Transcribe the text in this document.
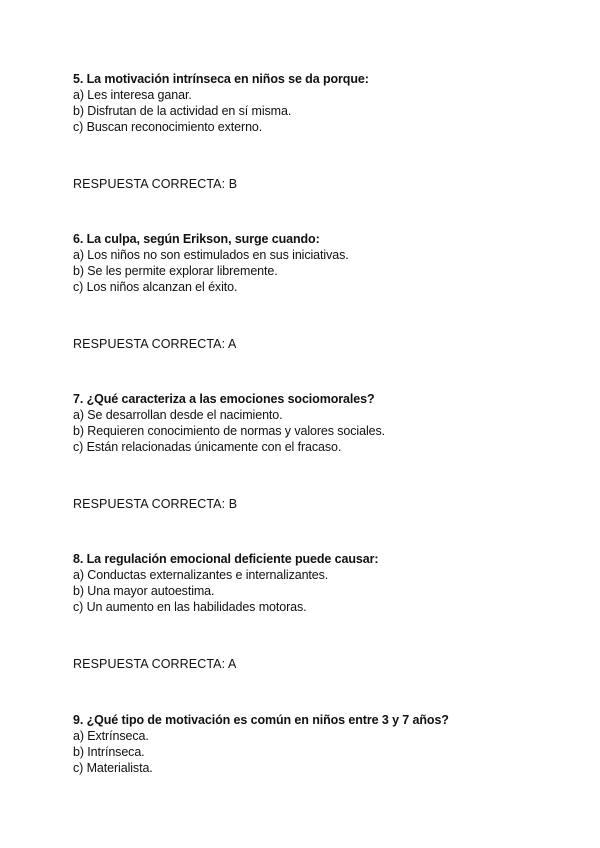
5. La motivación intrínseca en niños se da porque:

a) Les interesa ganar.

b) Disfrutan de la actividad en sí misma.

c) Buscan reconocimiento externo.

RESPUESTA CORRECTA: B

6. La culpa, según Erikson, surge cuando:

a) Los niños no son estimulados en sus iniciativas.

b) Se les permite explorar libremente.

c) Los niños alcanzan el éxito.

RESPUESTA CORRECTA: A

7. ¿Qué caracteriza a las emociones sociomorales?

a) Se desarrollan desde el nacimiento.

b) Requieren conocimiento de normas y valores sociales.

c) Están relacionadas únicamente con el fracaso.

RESPUESTA CORRECTA: B

8. La regulación emocional deficiente puede causar:

a) Conductas externalizantes e internalizantes.

b) Una mayor autoestima.

c) Un aumento en las habilidades motoras.

RESPUESTA CORRECTA: A

9. ¿Qué tipo de motivación es común en niños entre 3 y 7 años?

a) Extrínseca.

b) Intrínseca.

c) Materialista.
